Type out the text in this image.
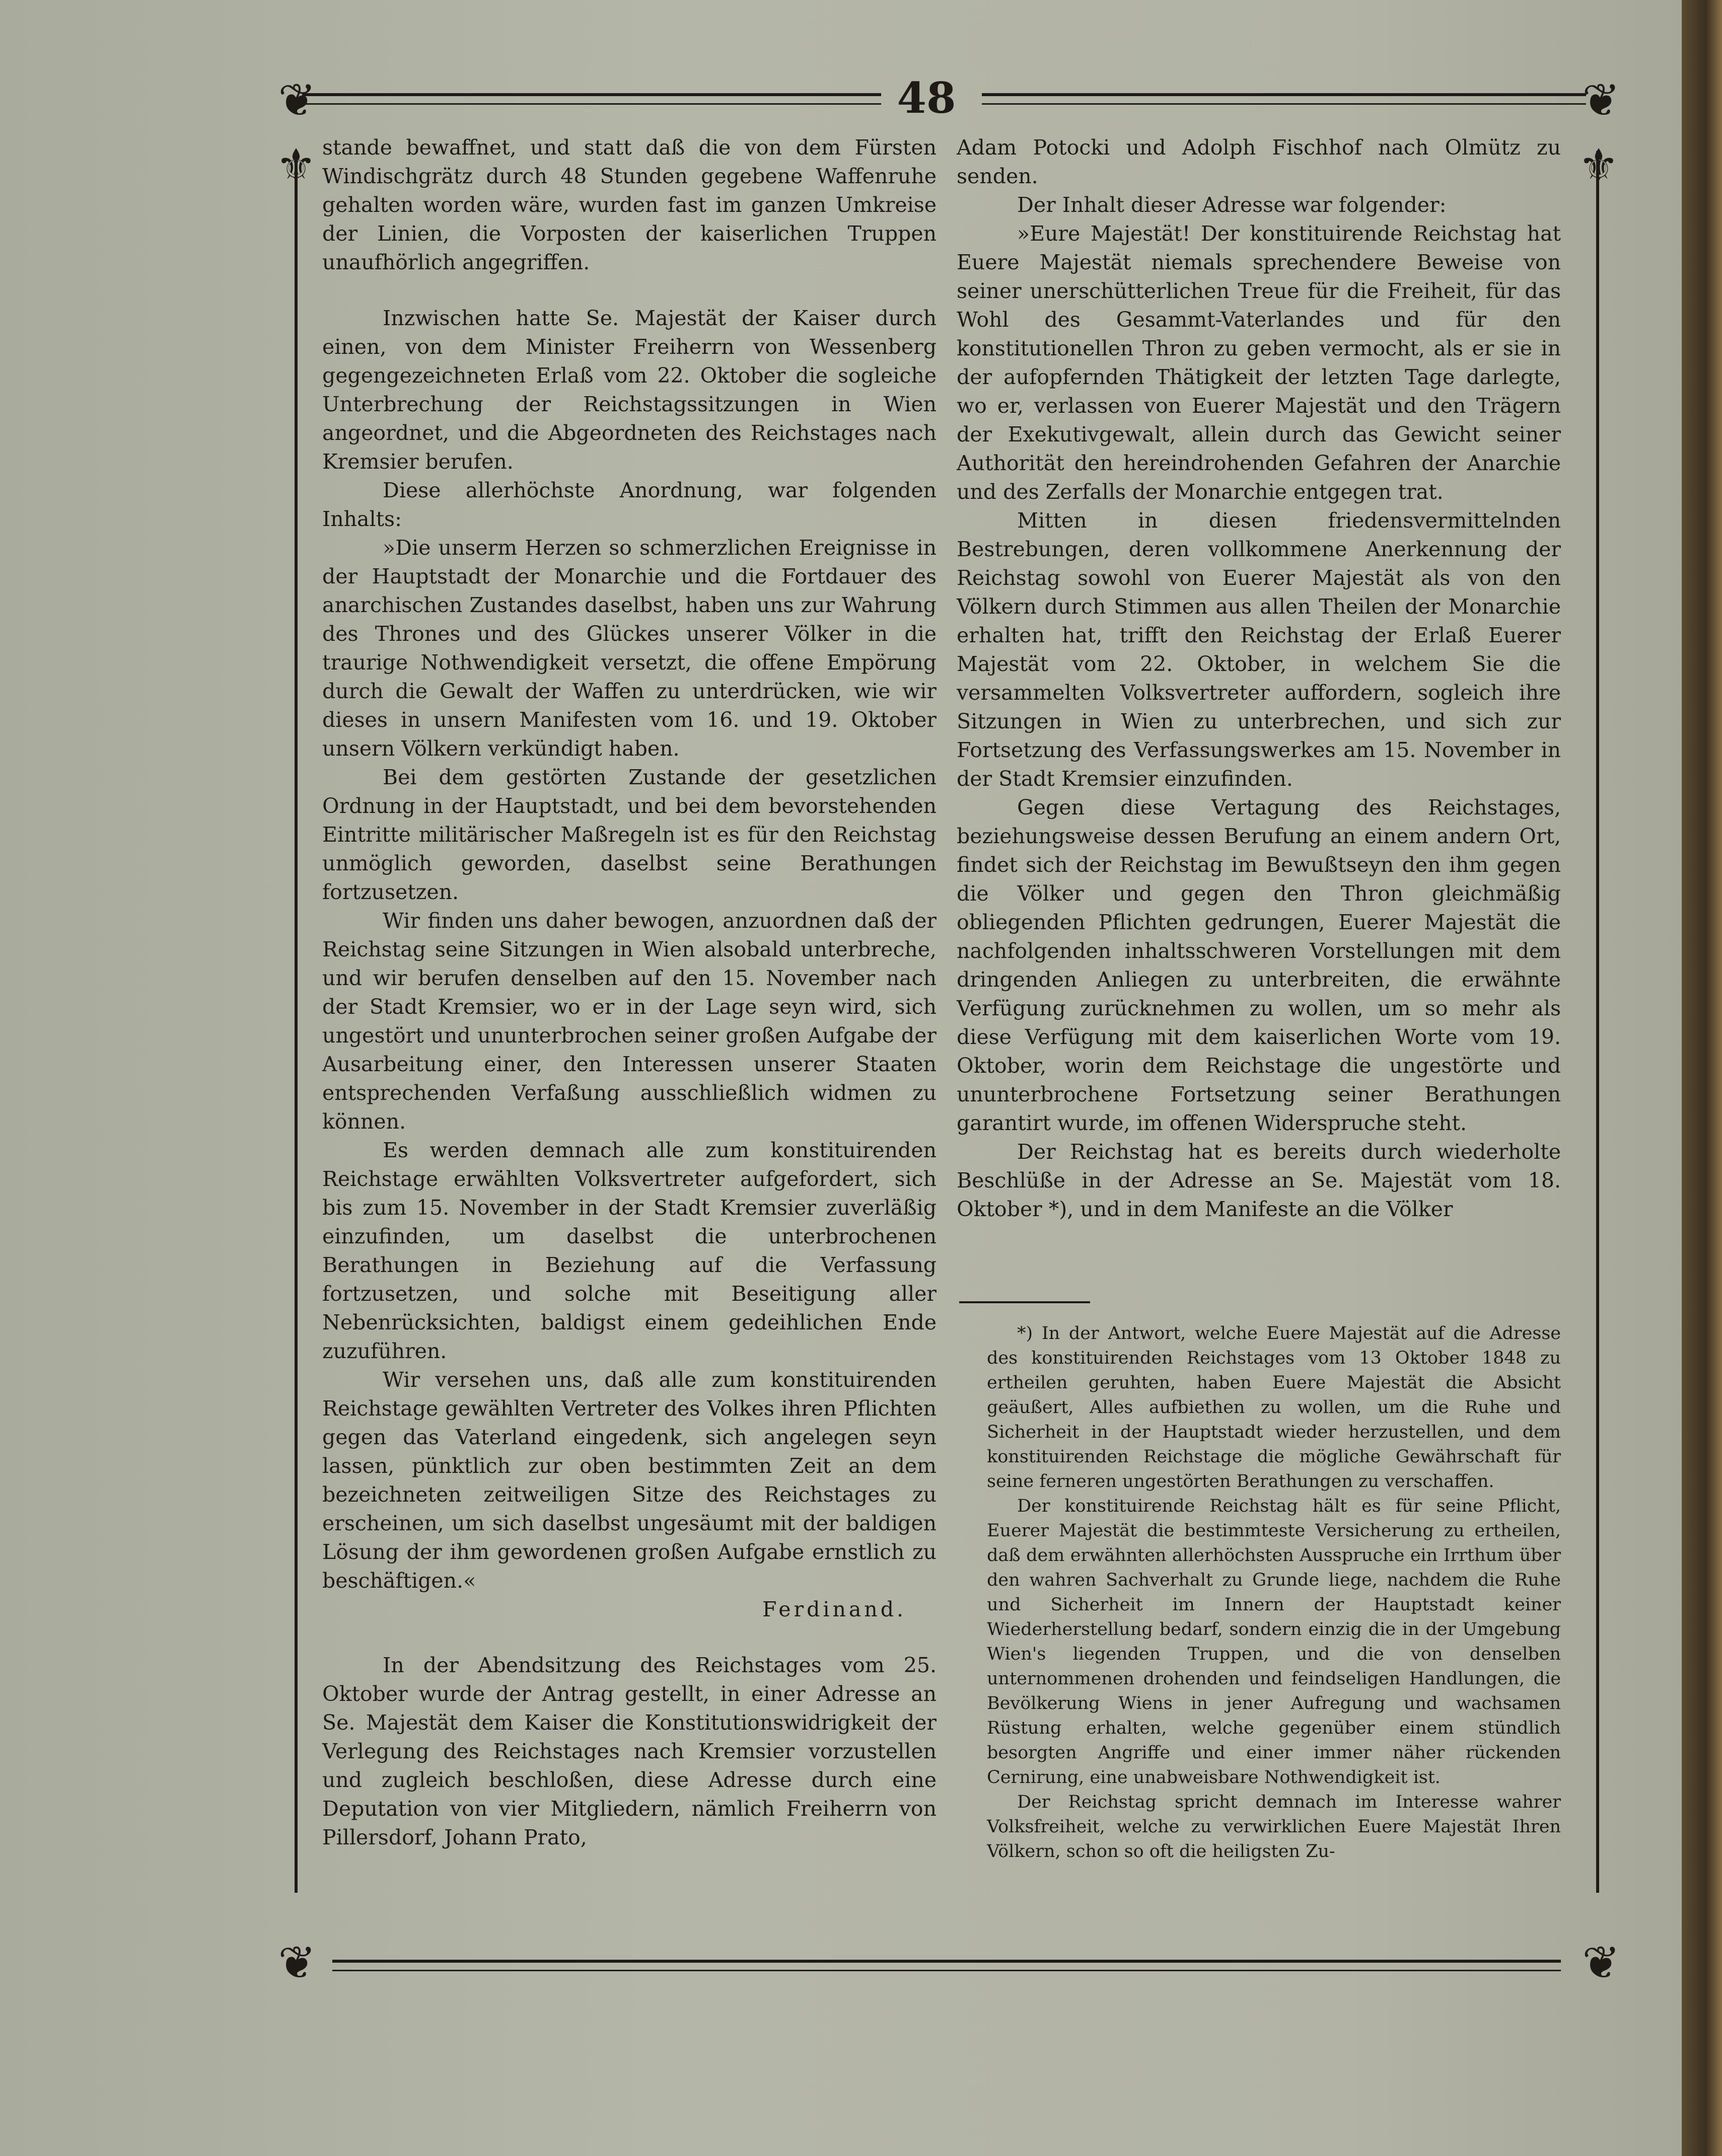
❦	❦
❦	❦
⚜	⚜
48

stande bewaffnet, und statt daß die von dem Fürsten Windischgrätz durch 48 Stunden gegebene Waffenruhe gehalten worden wäre, wurden fast im ganzen Umkreise der Linien, die Vorposten der kaiserlichen Truppen unaufhörlich angegriffen.

Inzwischen hatte Se. Majestät der Kaiser durch einen, von dem Minister Freiherrn von Wessenberg gegengezeichneten Erlaß vom 22. Oktober die sogleiche Unterbrechung der Reichstagssitzungen in Wien angeordnet, und die Abgeordneten des Reichstages nach Kremsier berufen.

Diese allerhöchste Anordnung, war folgenden Inhalts:

»Die unserm Herzen so schmerzlichen Ereignisse in der Hauptstadt der Monarchie und die Fortdauer des anarchischen Zustandes daselbst, haben uns zur Wahrung des Thrones und des Glückes unserer Völker in die traurige Nothwendigkeit versetzt, die offene Empörung durch die Gewalt der Waffen zu unterdrücken, wie wir dieses in unsern Manifesten vom 16. und 19. Oktober unsern Völkern verkündigt haben.

Bei dem gestörten Zustande der gesetzlichen Ordnung in der Hauptstadt, und bei dem bevorstehenden Eintritte militärischer Maßregeln ist es für den Reichstag unmöglich geworden, daselbst seine Berathungen fortzusetzen.

Wir finden uns daher bewogen, anzuordnen daß der Reichstag seine Sitzungen in Wien alsobald unterbreche, und wir berufen denselben auf den 15. November nach der Stadt Kremsier, wo er in der Lage seyn wird, sich ungestört und ununterbrochen seiner großen Aufgabe der Ausarbeitung einer, den Interessen unserer Staaten entsprechenden Verfaßung ausschließlich widmen zu können.

Es werden demnach alle zum konstituirenden Reichstage erwählten Volksvertreter aufgefordert, sich bis zum 15. November in der Stadt Kremsier zuverläßig einzufinden, um daselbst die unterbrochenen Berathungen in Beziehung auf die Verfassung fortzusetzen, und solche mit Beseitigung aller Nebenrücksichten, baldigst einem gedeihlichen Ende zuzuführen.

Wir versehen uns, daß alle zum konstituirenden Reichstage gewählten Vertreter des Volkes ihren Pflichten gegen das Vaterland eingedenk, sich angelegen seyn lassen, pünktlich zur oben bestimmten Zeit an dem bezeichneten zeitweiligen Sitze des Reichstages zu erscheinen, um sich daselbst ungesäumt mit der baldigen Lösung der ihm gewordenen großen Aufgabe ernstlich zu beschäftigen.«

Ferdinand.

In der Abendsitzung des Reichstages vom 25. Oktober wurde der Antrag gestellt, in einer Adresse an Se. Majestät dem Kaiser die Konstitutionswidrigkeit der Verlegung des Reichstages nach Kremsier vorzustellen und zugleich beschloßen, diese Adresse durch eine Deputation von vier Mitgliedern, nämlich Freiherrn von Pillersdorf, Johann Prato,

Adam Potocki und Adolph Fischhof nach Olmütz zu senden.

Der Inhalt dieser Adresse war folgender:

»Eure Majestät! Der konstituirende Reichstag hat Euere Majestät niemals sprechendere Beweise von seiner unerschütterlichen Treue für die Freiheit, für das Wohl des Gesammt-Vaterlandes und für den konstitutionellen Thron zu geben vermocht, als er sie in der aufopfernden Thätigkeit der letzten Tage darlegte, wo er, verlassen von Euerer Majestät und den Trägern der Exekutivgewalt, allein durch das Gewicht seiner Authorität den hereindrohenden Gefahren der Anarchie und des Zerfalls der Monarchie entgegen trat.

Mitten in diesen friedensvermittelnden Bestrebungen, deren vollkommene Anerkennung der Reichstag sowohl von Euerer Majestät als von den Völkern durch Stimmen aus allen Theilen der Monarchie erhalten hat, trifft den Reichstag der Erlaß Euerer Majestät vom 22. Oktober, in welchem Sie die versammelten Volksvertreter auffordern, sogleich ihre Sitzungen in Wien zu unterbrechen, und sich zur Fortsetzung des Verfassungswerkes am 15. November in der Stadt Kremsier einzufinden.

Gegen diese Vertagung des Reichstages, beziehungsweise dessen Berufung an einem andern Ort, findet sich der Reichstag im Bewußtseyn den ihm gegen die Völker und gegen den Thron gleichmäßig obliegenden Pflichten gedrungen, Euerer Majestät die nachfolgenden inhaltsschweren Vorstellungen mit dem dringenden Anliegen zu unterbreiten, die erwähnte Verfügung zurücknehmen zu wollen, um so mehr als diese Verfügung mit dem kaiserlichen Worte vom 19. Oktober, worin dem Reichstage die ungestörte und ununterbrochene Fortsetzung seiner Berathungen garantirt wurde, im offenen Widerspruche steht.

Der Reichstag hat es bereits durch wiederholte Beschlüße in der Adresse an Se. Majestät vom 18. Oktober *), und in dem Manifeste an die Völker

*) In der Antwort, welche Euere Majestät auf die Adresse des konstituirenden Reichstages vom 13 Oktober 1848 zu ertheilen geruhten, haben Euere Majestät die Absicht geäußert, Alles aufbiethen zu wollen, um die Ruhe und Sicherheit in der Hauptstadt wieder herzustellen, und dem konstituirenden Reichstage die mögliche Gewährschaft für seine ferneren ungestörten Berathungen zu verschaffen.

Der konstituirende Reichstag hält es für seine Pflicht, Euerer Majestät die bestimmteste Versicherung zu ertheilen, daß dem erwähnten allerhöchsten Ausspruche ein Irrthum über den wahren Sachverhalt zu Grunde liege, nachdem die Ruhe und Sicherheit im Innern der Hauptstadt keiner Wiederherstellung bedarf, sondern einzig die in der Umgebung Wien's liegenden Truppen, und die von denselben unternommenen drohenden und feindseligen Handlungen, die Bevölkerung Wiens in jener Aufregung und wachsamen Rüstung erhalten, welche gegenüber einem stündlich besorgten Angriffe und einer immer näher rückenden Cernirung, eine unabweisbare Nothwendigkeit ist.

Der Reichstag spricht demnach im Interesse wahrer Volksfreiheit, welche zu verwirklichen Euere Majestät Ihren Völkern, schon so oft die heiligsten Zu-
